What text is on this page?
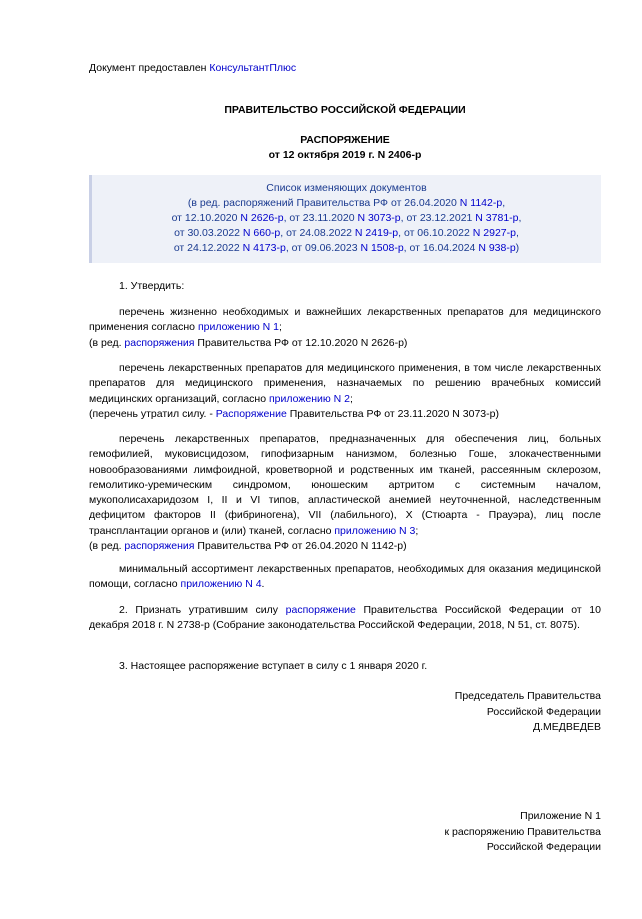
Документ предоставлен КонсультантПлюс
ПРАВИТЕЛЬСТВО РОССИЙСКОЙ ФЕДЕРАЦИИ
РАСПОРЯЖЕНИЕ
от 12 октября 2019 г. N 2406-р
Список изменяющих документов
(в ред. распоряжений Правительства РФ от 26.04.2020 N 1142-р,
от 12.10.2020 N 2626-р, от 23.11.2020 N 3073-р, от 23.12.2021 N 3781-р,
от 30.03.2022 N 660-р, от 24.08.2022 N 2419-р, от 06.10.2022 N 2927-р,
от 24.12.2022 N 4173-р, от 09.06.2023 N 1508-р, от 16.04.2024 N 938-р)

1. Утвердить:

перечень жизненно необходимых и важнейших лекарственных препаратов для медицинского применения согласно приложению N 1;

(в ред. распоряжения Правительства РФ от 12.10.2020 N 2626-р)

перечень лекарственных препаратов для медицинского применения, в том числе лекарственных препаратов для медицинского применения, назначаемых по решению врачебных комиссий медицинских организаций, согласно приложению N 2;

(перечень утратил силу. - Распоряжение Правительства РФ от 23.11.2020 N 3073-р)

перечень лекарственных препаратов, предназначенных для обеспечения лиц, больных гемофилией, муковисцидозом, гипофизарным нанизмом, болезнью Гоше, злокачественными новообразованиями лимфоидной, кроветворной и родственных им тканей, рассеянным склерозом, гемолитико-уремическим синдромом, юношеским артритом с системным началом, мукополисахаридозом I, II и VI типов, апластической анемией неуточненной, наследственным дефицитом факторов II (фибриногена), VII (лабильного), X (Стюарта - Прауэра), лиц после трансплантации органов и (или) тканей, согласно приложению N 3;

(в ред. распоряжения Правительства РФ от 26.04.2020 N 1142-р)

минимальный ассортимент лекарственных препаратов, необходимых для оказания медицинской помощи, согласно приложению N 4.

2. Признать утратившим силу распоряжение Правительства Российской Федерации от 10 декабря 2018 г. N 2738-р (Собрание законодательства Российской Федерации, 2018, N 51, ст. 8075).

3. Настоящее распоряжение вступает в силу с 1 января 2020 г.

Председатель Правительства
Российской Федерации
Д.МЕДВЕДЕВ
Приложение N 1
к распоряжению Правительства
Российской Федерации
